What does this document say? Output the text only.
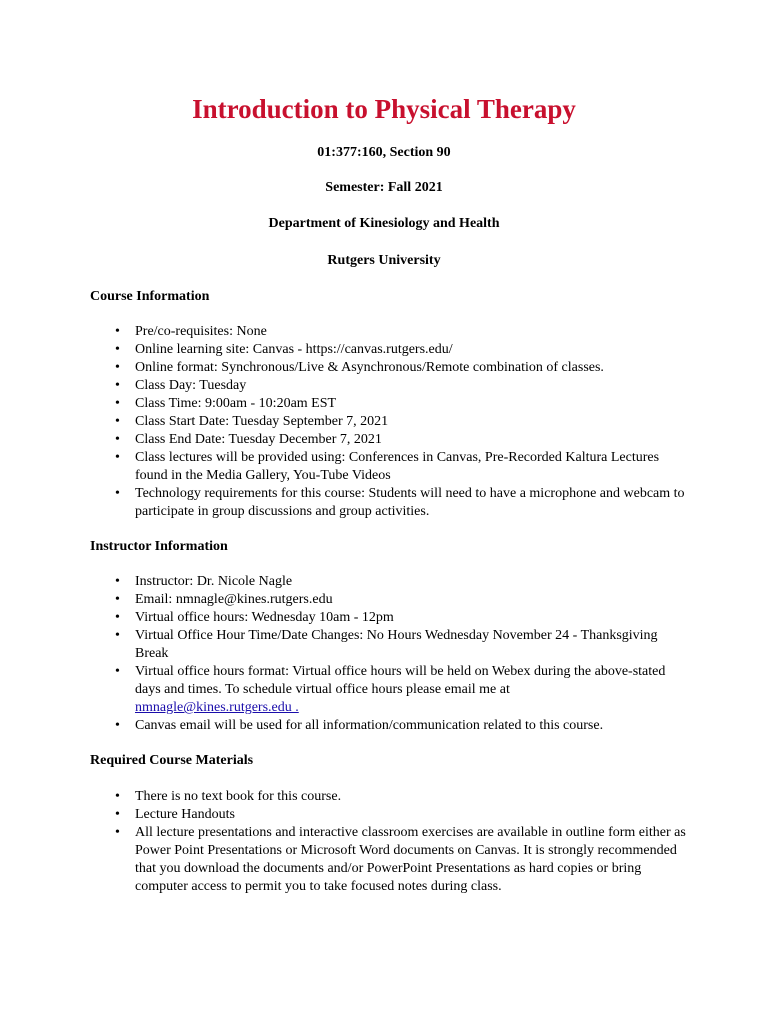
Introduction to Physical Therapy
01:377:160, Section 90
Semester: Fall 2021
Department of Kinesiology and Health
Rutgers University
Course Information
• Pre/co-requisites: None
• Online learning site: Canvas - https://canvas.rutgers.edu/
• Online format: Synchronous/Live & Asynchronous/Remote combination of classes.
• Class Day: Tuesday
• Class Time: 9:00am - 10:20am EST
• Class Start Date: Tuesday September 7, 2021
• Class End Date: Tuesday December 7, 2021
• Class lectures will be provided using: Conferences in Canvas, Pre-Recorded Kaltura Lectures found in the Media Gallery, You-Tube Videos
• Technology requirements for this course: Students will need to have a microphone and webcam to participate in group discussions and group activities.
Instructor Information
• Instructor: Dr. Nicole Nagle
• Email: nmnagle@kines.rutgers.edu
• Virtual office hours: Wednesday 10am - 12pm
• Virtual Office Hour Time/Date Changes: No Hours Wednesday November 24 - Thanksgiving Break
• Virtual office hours format: Virtual office hours will be held on Webex during the above-stated days and times. To schedule virtual office hours please email me at
nmnagle@kines.rutgers.edu .
• Canvas email will be used for all information/communication related to this course.
Required Course Materials
• There is no text book for this course.
• Lecture Handouts
• All lecture presentations and interactive classroom exercises are available in outline form either as Power Point Presentations or Microsoft Word documents on Canvas. It is strongly recommended that you download the documents and/or PowerPoint Presentations as hard copies or bring computer access to permit you to take focused notes during class.
